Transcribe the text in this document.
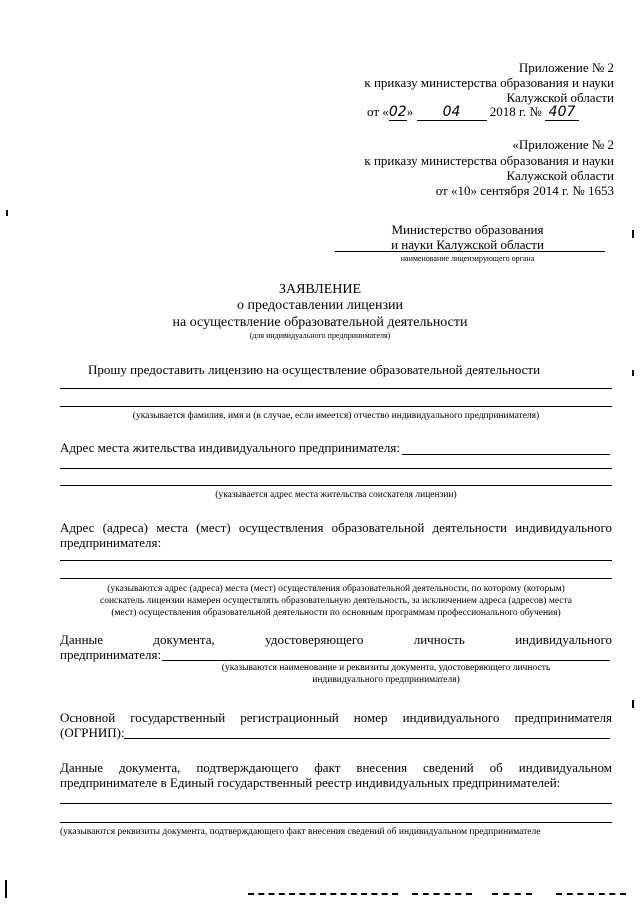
Приложение № 2
к приказу министерства образования и науки
Калужской области
от «02» 04 2018 г. № 407
«Приложение № 2
к приказу министерства образования и науки
Калужской области
от «10» сентября 2014 г. № 1653
Министерство образования
и науки Калужской области
наименование лицензирующего органа
ЗАЯВЛЕНИЕ
о предоставлении лицензии
на осуществление образовательной деятельности
(для индивидуального предпринимателя)
Прошу предоставить лицензию на осуществление образовательной деятельности
(указывается фамилия, имя и (в случае, если имеется) отчество индивидуального предпринимателя)
Адрес места жительства индивидуального предпринимателя:
(указывается адрес места жительства соискателя лицензии)
Адрес (адреса) места (мест) осуществления образовательной деятельности индивидуального
предпринимателя:
(указываются адрес (адреса) места (мест) осуществления образовательной деятельности, по которому (которым)
соискатель лицензии намерен осуществлять образовательную деятельность, за исключением адреса (адресов) места
(мест) осуществления образовательной деятельности по основным программам профессионального обучения)
Данные документа, удостоверяющего личность индивидуального
предпринимателя:
(указываются наименование и реквизиты документа, удостоверяющего личность
индивидуального предпринимателя)
Основной государственный регистрационный номер индивидуального предпринимателя
(ОГРНИП):
Данные документа, подтверждающего факт внесения сведений об индивидуальном
предпринимателе в Единый государственный реестр индивидуальных предпринимателей:
(указываются реквизиты документа, подтверждающего факт внесения сведений об индивидуальном предпринимателе
